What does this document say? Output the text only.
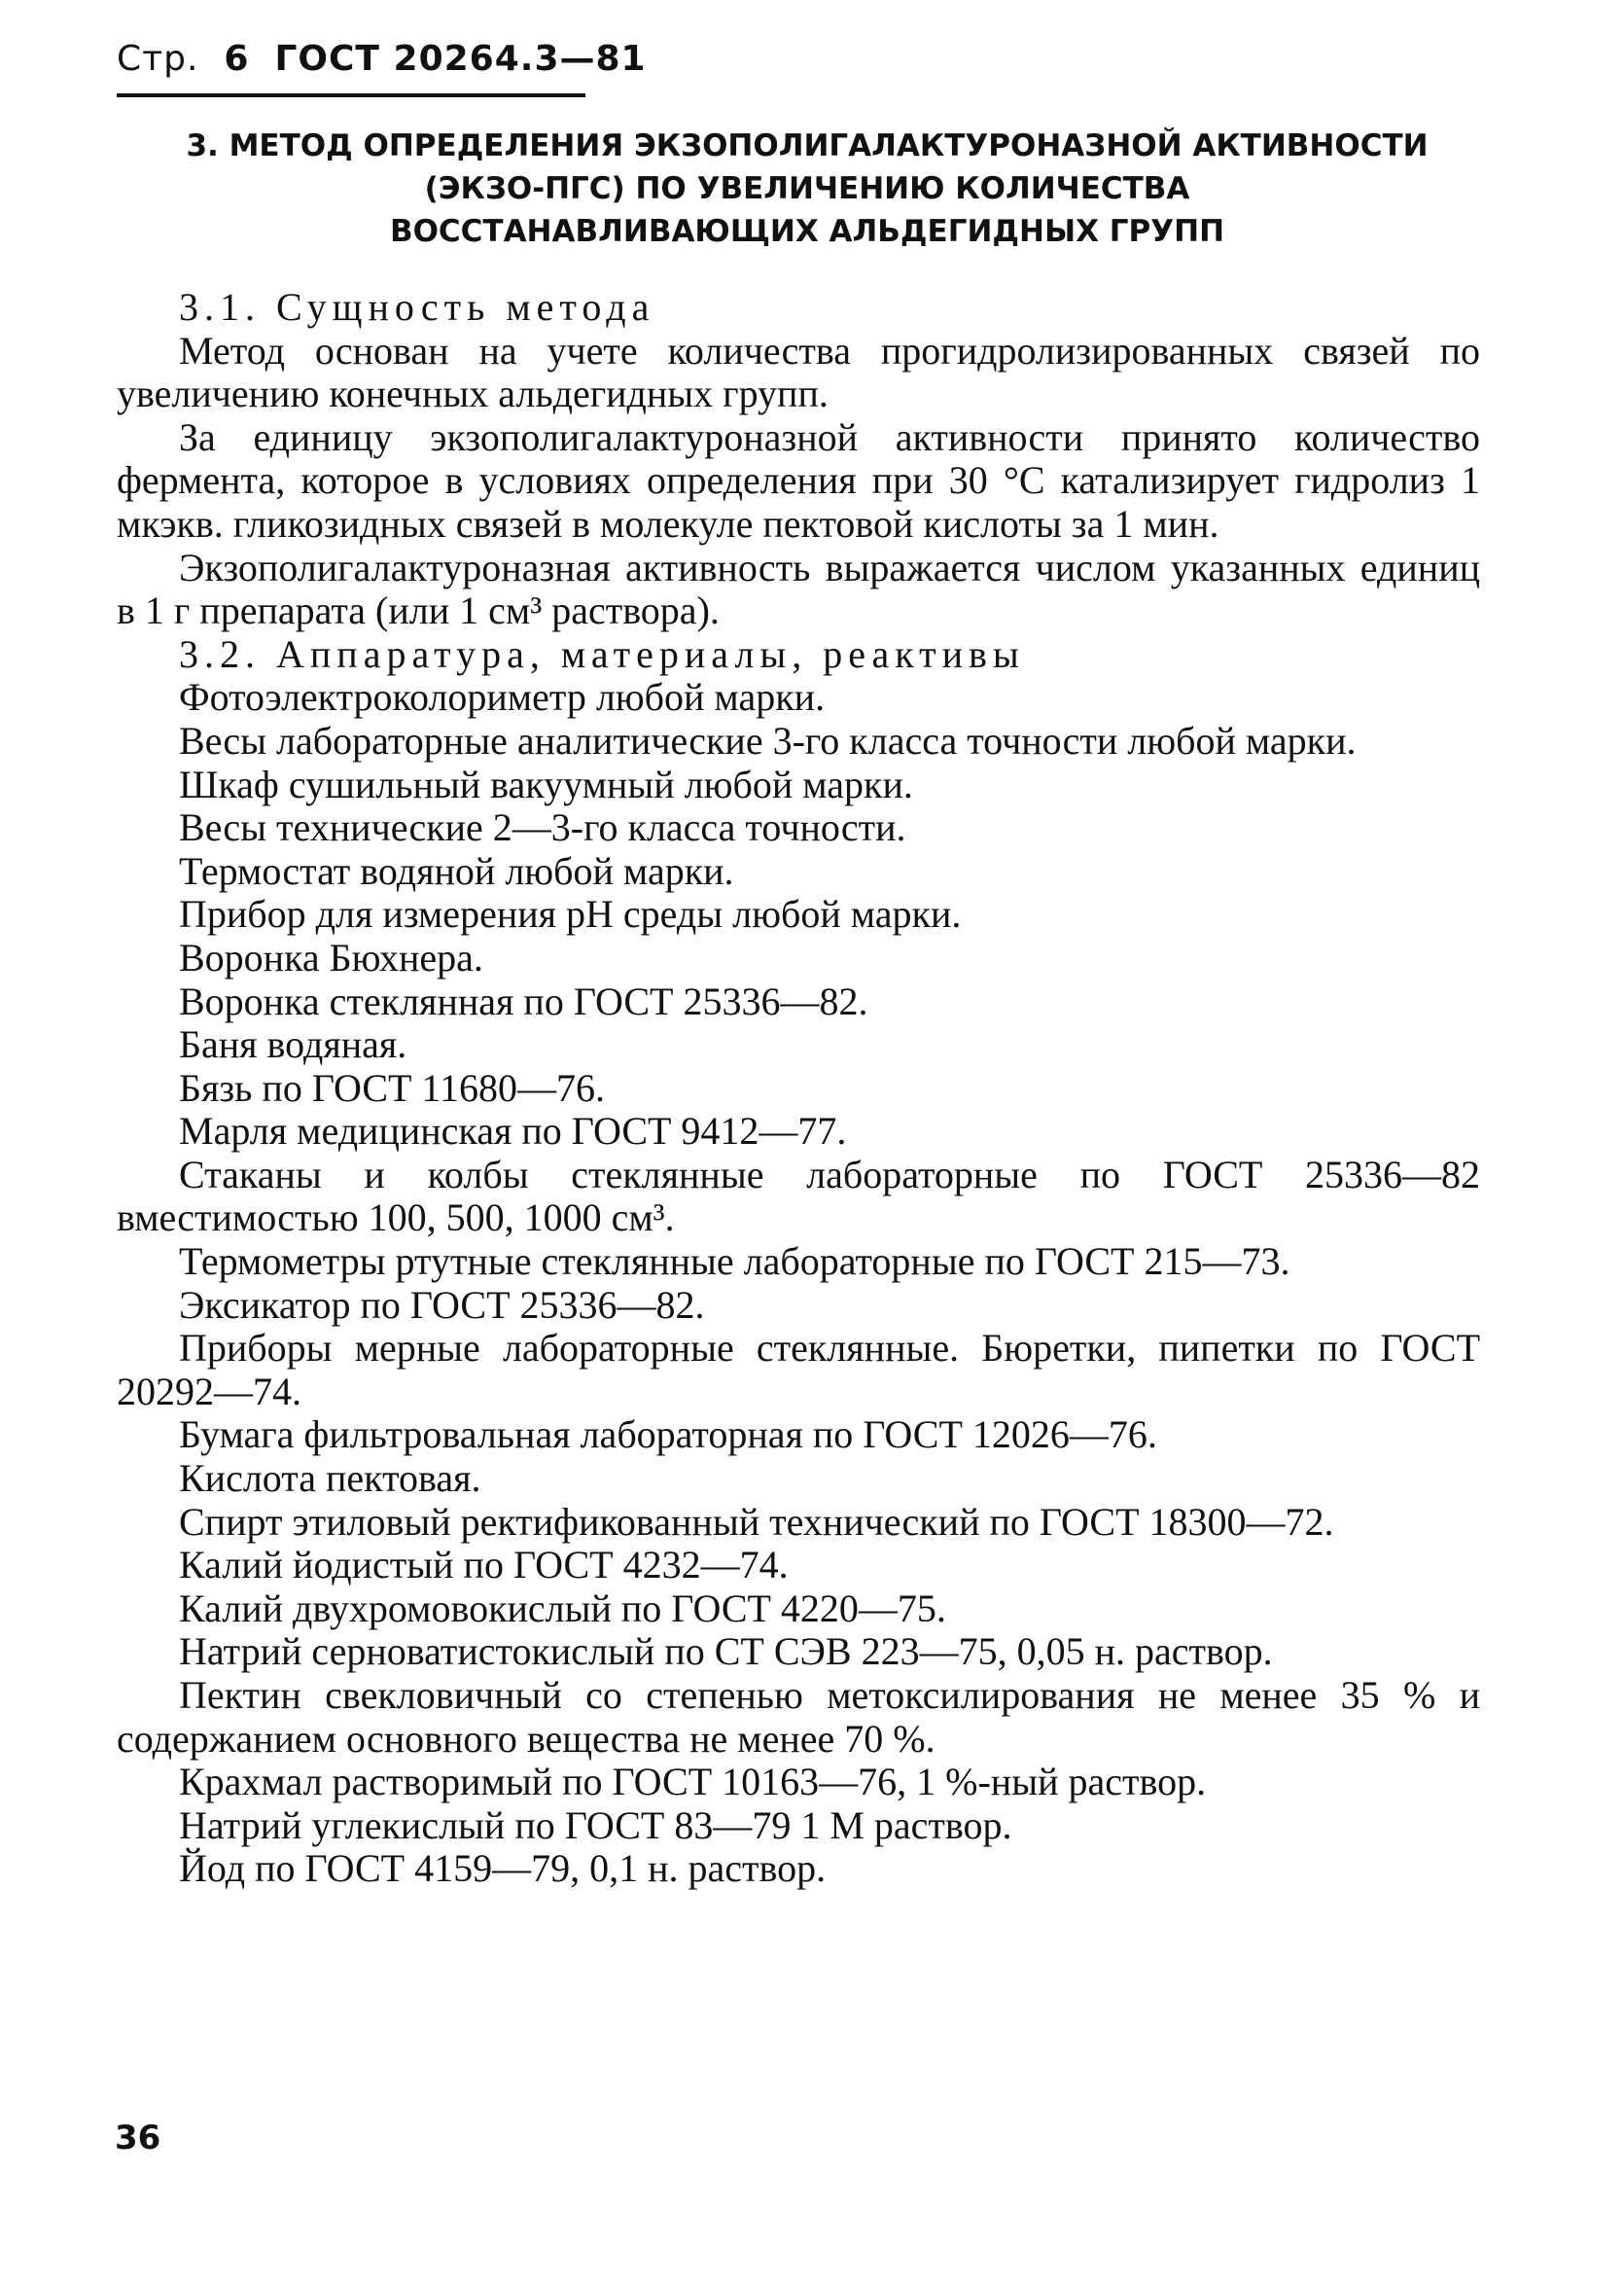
Стр. 6 ГОСТ 20264.3—81
3. МЕТОД ОПРЕДЕЛЕНИЯ ЭКЗОПОЛИГАЛАКТУРОНАЗНОЙ АКТИВНОСТИ
(ЭКЗО-ПГС) ПО УВЕЛИЧЕНИЮ КОЛИЧЕСТВА
ВОССТАНАВЛИВАЮЩИХ АЛЬДЕГИДНЫХ ГРУПП

3.1. Сущность метода

Метод основан на учете количества прогидролизированных связей по увеличению конечных альдегидных групп.

За единицу экзополигалактуроназной активности принято количество фермента, которое в условиях определения при 30 °С катализирует гидролиз 1 мкэкв. гликозидных связей в молекуле пектовой кислоты за 1 мин.

Экзополигалактуроназная активность выражается числом указанных единиц в 1 г препарата (или 1 см³ раствора).

3.2. Аппаратура, материалы, реактивы

Фотоэлектроколориметр любой марки.

Весы лабораторные аналитические 3-го класса точности любой марки.

Шкаф сушильный вакуумный любой марки.

Весы технические 2—3-го класса точности.

Термостат водяной любой марки.

Прибор для измерения pH среды любой марки.

Воронка Бюхнера.

Воронка стеклянная по ГОСТ 25336—82.

Баня водяная.

Бязь по ГОСТ 11680—76.

Марля медицинская по ГОСТ 9412—77.

Стаканы и колбы стеклянные лабораторные по ГОСТ 25336—82 вместимостью 100, 500, 1000 см³.

Термометры ртутные стеклянные лабораторные по ГОСТ 215—73.

Эксикатор по ГОСТ 25336—82.

Приборы мерные лабораторные стеклянные. Бюретки, пипетки по ГОСТ 20292—74.

Бумага фильтровальная лабораторная по ГОСТ 12026—76.

Кислота пектовая.

Спирт этиловый ректификованный технический по ГОСТ 18300—72.

Калий йодистый по ГОСТ 4232—74.

Калий двухромовокислый по ГОСТ 4220—75.

Натрий серноватистокислый по СТ СЭВ 223—75, 0,05 н. раствор.

Пектин свекловичный со степенью метоксилирования не менее 35 % и содержанием основного вещества не менее 70 %.

Крахмал растворимый по ГОСТ 10163—76, 1 %-ный раствор.

Натрий углекислый по ГОСТ 83—79 1 М раствор.

Йод по ГОСТ 4159—79, 0,1 н. раствор.

36
